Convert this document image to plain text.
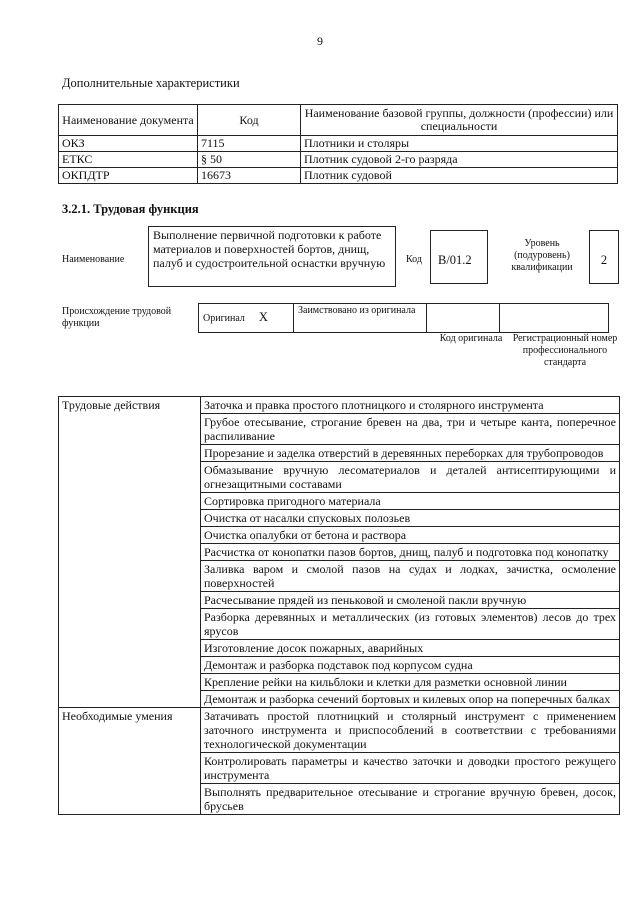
9
Дополнительные характеристики
Наименование документа	Код	Наименование базовой группы, должности (профессии) или специальности
ОКЗ	7115	Плотники и столяры
ЕТКС	§ 50	Плотник судовой 2-го разряда
ОКПДТР	16673	Плотник судовой
3.2.1. Трудовая функция
Наименование
Выполнение первичной подготовки к работе материалов и поверхностей бортов, днищ, палуб и судостроительной оснастки вручную	Код	B/01.2
Уровень (подуровень) квалификации
2
Происхождение трудовой функции	Оригинал X	Заимствовано из оригинала		
Код оригинала	Регистрационный номер профессионального стандарта
Трудовые действия	Заточка и правка простого плотницкого и столярного инструмента
	Грубое отесывание, строгание бревен на два, три и четыре канта, поперечное распиливание
	Прорезание и заделка отверстий в деревянных переборках для трубопроводов
	Обмазывание вручную лесоматериалов и деталей антисептирующими и огнезащитными составами
	Сортировка пригодного материала
	Очистка от насалки спусковых полозьев
	Очистка опалубки от бетона и раствора
	Расчистка от конопатки пазов бортов, днищ, палуб и подготовка под конопатку
	Заливка варом и смолой пазов на судах и лодках, зачистка, осмоление поверхностей
	Расчесывание прядей из пеньковой и смоленой пакли вручную
	Разборка деревянных и металлических (из готовых элементов) лесов до трех ярусов
	Изготовление досок пожарных, аварийных
	Демонтаж и разборка подставок под корпусом судна
	Крепление рейки на кильблоки и клетки для разметки основной линии
	Демонтаж и разборка сечений бортовых и килевых опор на поперечных балках
Необходимые умения	Затачивать простой плотницкий и столярный инструмент с применением заточного инструмента и приспособлений в соответствии с требованиями технологической документации
	Контролировать параметры и качество заточки и доводки простого режущего инструмента
	Выполнять предварительное отесывание и строгание вручную бревен, досок, брусьев
